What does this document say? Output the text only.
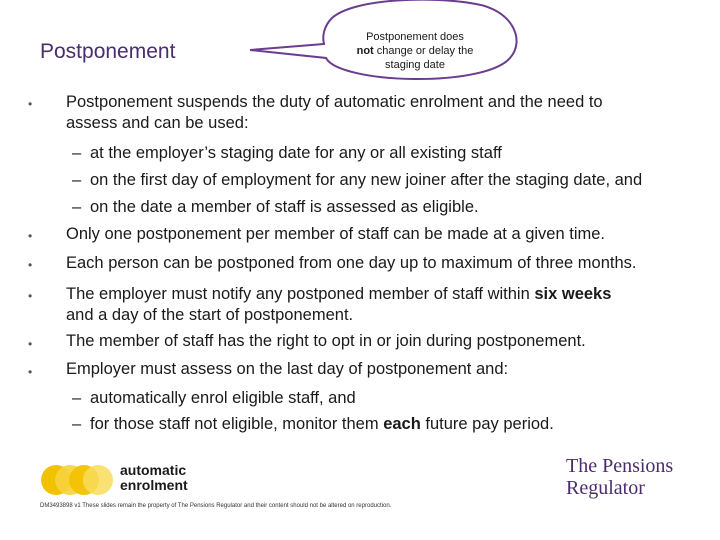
Postponement
Postponement does
not change or delay the
staging date
• Postponement suspends the duty of automatic enrolment and the need to
assess and can be used:
– at the employer’s staging date for any or all existing staff
– on the first day of employment for any new joiner after the staging date, and
– on the date a member of staff is assessed as eligible.
• Only one postponement per member of staff can be made at a given time.
• Each person can be postponed from one day up to maximum of three months.
• The employer must notify any postponed member of staff within six weeks
and a day of the start of postponement.
• The member of staff has the right to opt in or join during postponement.
• Employer must assess on the last day of postponement and:
– automatically enrol eligible staff, and
– for those staff not eligible, monitor them each future pay period.
automatic
enrolment
The Pensions
Regulator
DM3493898 v1 These slides remain the property of The Pensions Regulator and their content should not be altered on reproduction.
